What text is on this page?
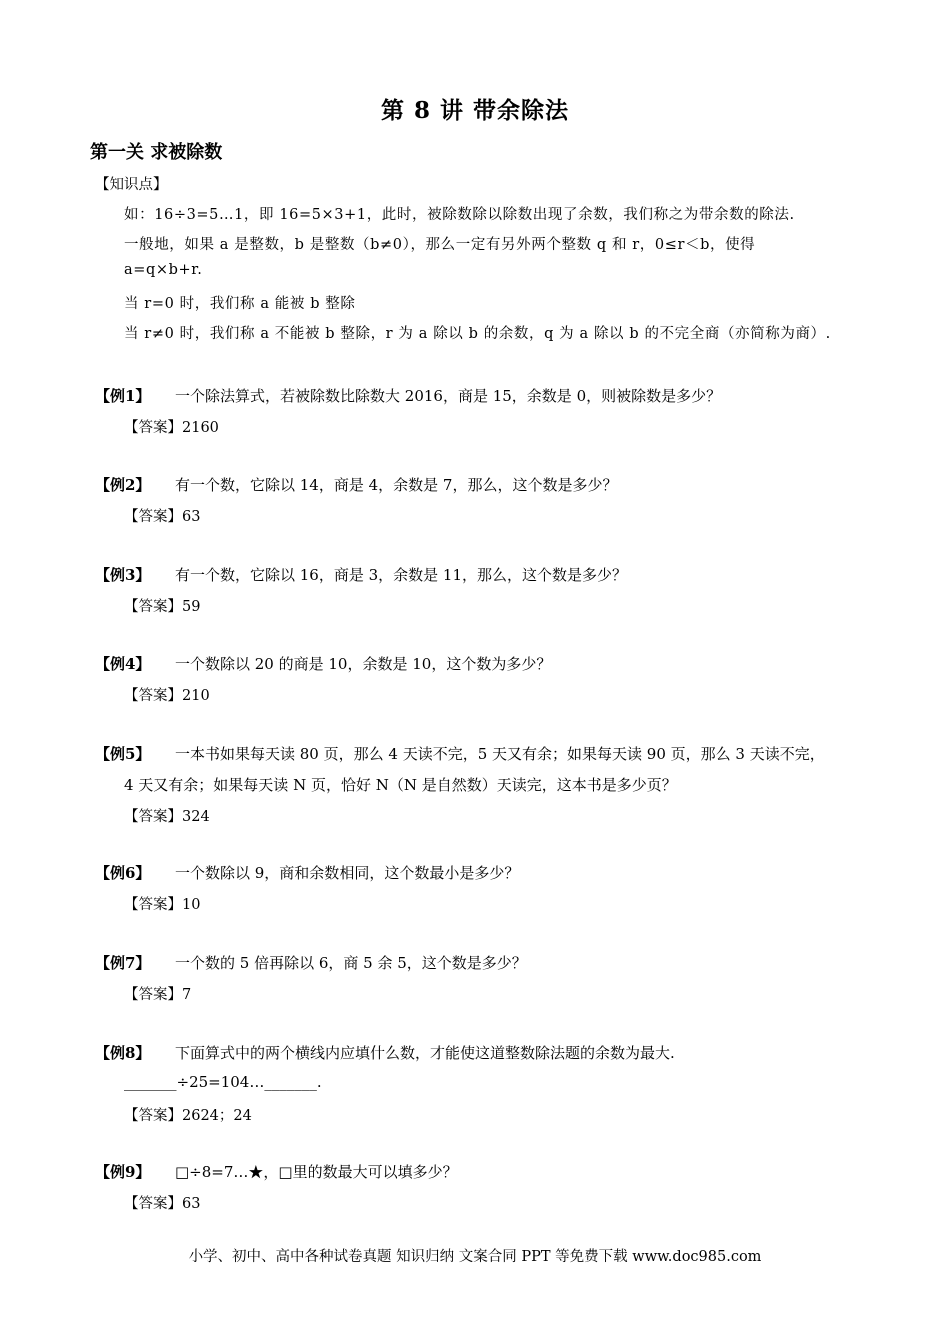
第 8 讲 带余除法
第一关 求被除数
【知识点】
如：16÷3=5…1，即 16=5×3+1，此时，被除数除以除数出现了余数，我们称之为带余数的除法.
一般地，如果 a 是整数，b 是整数（b≠0），那么一定有另外两个整数 q 和 r，0≤r＜b，使得
a=q×b+r.
当 r=0 时，我们称 a 能被 b 整除
当 r≠0 时，我们称 a 不能被 b 整除，r 为 a 除以 b 的余数，q 为 a 除以 b 的不完全商（亦简称为商）.
【例1】 一个除法算式，若被除数比除数大 2016，商是 15，余数是 0，则被除数是多少？
【答案】2160
【例2】 有一个数，它除以 14，商是 4，余数是 7，那么，这个数是多少？
【答案】63
【例3】 有一个数，它除以 16，商是 3，余数是 11，那么，这个数是多少？
【答案】59
【例4】 一个数除以 20 的商是 10，余数是 10，这个数为多少？
【答案】210
【例5】 一本书如果每天读 80 页，那么 4 天读不完，5 天又有余；如果每天读 90 页，那么 3 天读不完，
4 天又有余；如果每天读 N 页，恰好 N（N 是自然数）天读完，这本书是多少页？
【答案】324
【例6】 一个数除以 9，商和余数相同，这个数最小是多少？
【答案】10
【例7】 一个数的 5 倍再除以 6，商 5 余 5，这个数是多少？
【答案】7
【例8】 下面算式中的两个横线内应填什么数，才能使这道整数除法题的余数为最大.
_______÷25=104…_______.
【答案】2624；24
【例9】 □÷8=7…★，□里的数最大可以填多少？
【答案】63
小学、初中、高中各种试卷真题 知识归纳 文案合同 PPT 等免费下载 www.doc985.com
